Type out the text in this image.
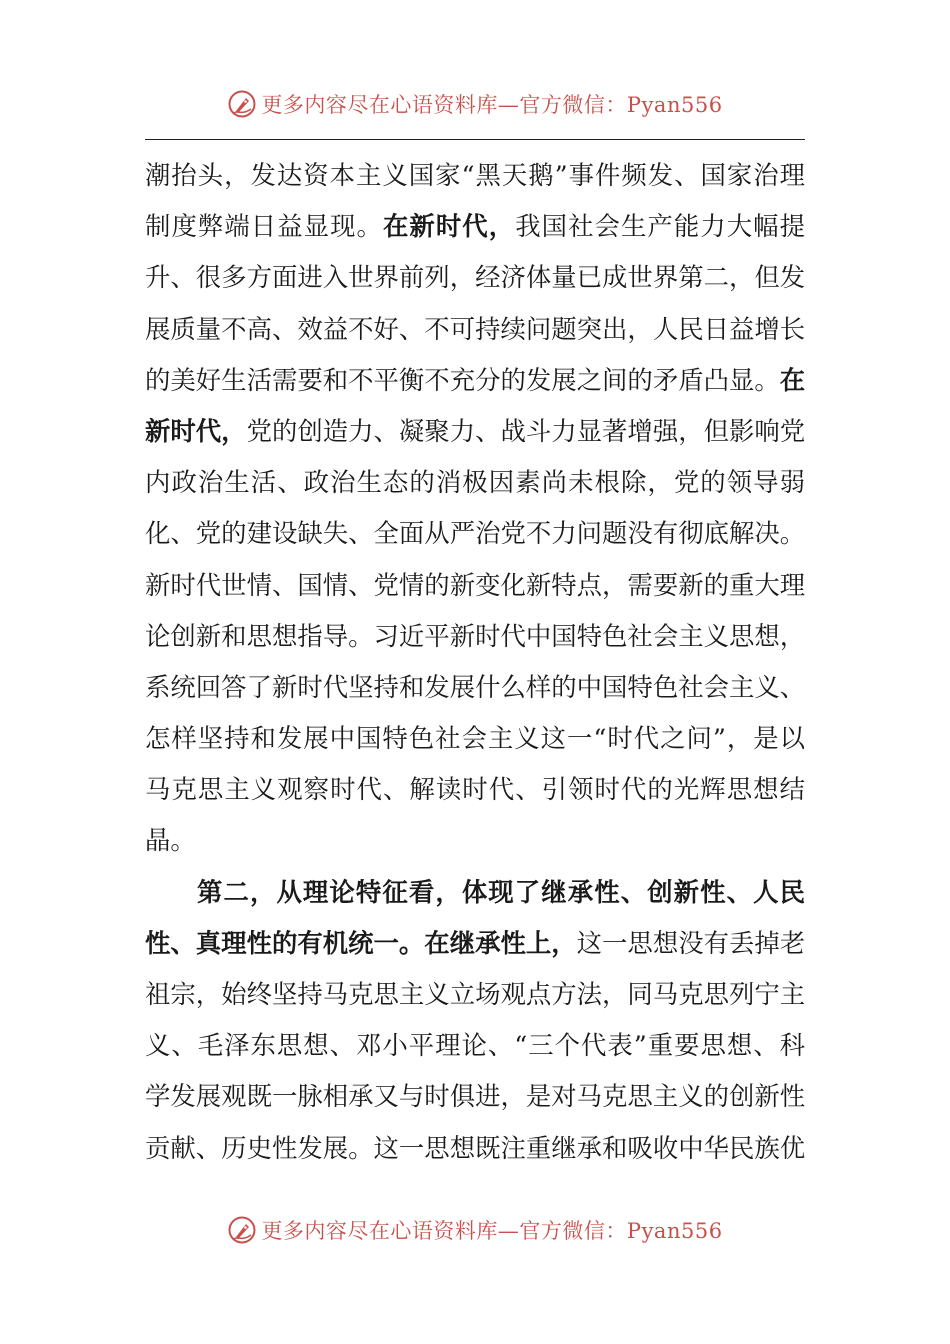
更多内容尽在心语资料库—官方微信：Pyan556
潮抬头，发达资本主义国家“黑天鹅”事件频发、国家治理
制度弊端日益显现。在新时代，我国社会生产能力大幅提
升、很多方面进入世界前列，经济体量已成世界第二，但发
展质量不高、效益不好、不可持续问题突出，人民日益增长
的美好生活需要和不平衡不充分的发展之间的矛盾凸显。在
新时代，党的创造力、凝聚力、战斗力显著增强，但影响党
内政治生活、政治生态的消极因素尚未根除，党的领导弱
化、党的建设缺失、全面从严治党不力问题没有彻底解决。
新时代世情、国情、党情的新变化新特点，需要新的重大理
论创新和思想指导。习近平新时代中国特色社会主义思想，
系统回答了新时代坚持和发展什么样的中国特色社会主义、
怎样坚持和发展中国特色社会主义这一“时代之问”，是以
马克思主义观察时代、解读时代、引领时代的光辉思想结
晶。
第二，从理论特征看，体现了继承性、创新性、人民
性、真理性的有机统一。在继承性上，这一思想没有丢掉老
祖宗，始终坚持马克思主义立场观点方法，同马克思列宁主
义、毛泽东思想、邓小平理论、“三个代表”重要思想、科
学发展观既一脉相承又与时俱进，是对马克思主义的创新性
贡献、历史性发展。这一思想既注重继承和吸收中华民族优
更多内容尽在心语资料库—官方微信：Pyan556
